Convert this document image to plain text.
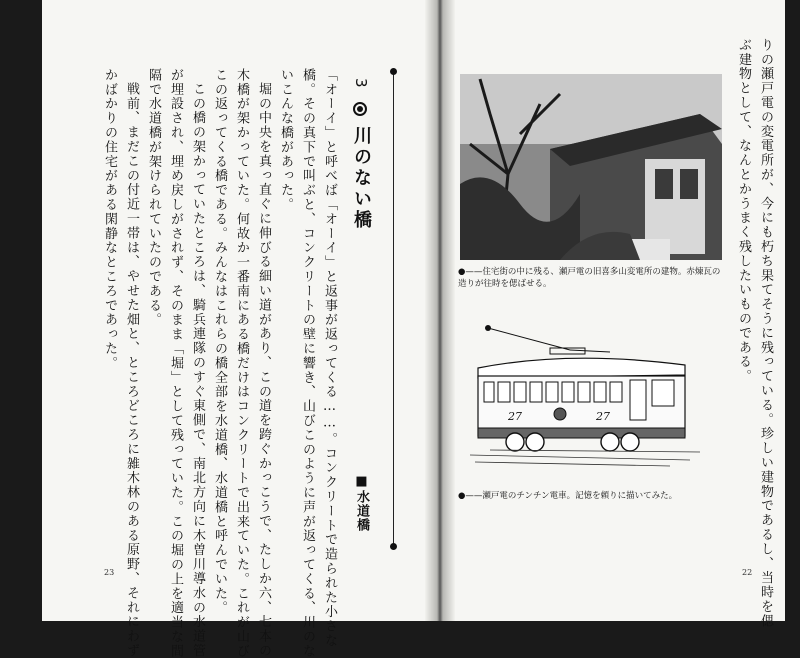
3
川のない橋
■水道橋
「オーイ」と呼べば「オーイ」と返事が返ってくる……。コンクリートで造られた小さな
橋。その真下で叫ぶと、コンクリートの壁に響き、山びこのように声が返ってくる、川のな
いこんな橋があった。
堀の中央を真っ直ぐに伸びる細い道があり、この道を跨ぐかっこうで、たしか六、七本の
木橋が架かっていた。何故か一番南にある橋だけはコンクリートで出来ていた。これが山び
この返ってくる橋である。みんなはこれらの橋全部を水道橋、水道橋と呼んでいた。
この橋の架かっていたところは、騎兵連隊のすぐ東側で、南北方向に木曽川導水の水道管
が埋設され、埋め戻しがされず、そのまま「堀」として残っていた。この堀の上を適当な間
隔で水道橋が架けられていたのである。
戦前、まだこの付近一帯は、やせた畑と、ところどころに雑木林のある原野、それにわず
かばかりの住宅がある閑静なところであった。
23	りの瀬戸電の変電所が、今にも朽ち果てそうに残っている。珍しい建物であるし、当時を偲
ぶ建物として、なんとかうまく残したいものである。
●——住宅街の中に残る、瀬戸電の旧喜多山変電所の建物。赤煉瓦の造りが往時を偲ばせる。
27	27
●——瀬戸電のチンチン電車。記憶を頼りに描いてみた。
22
